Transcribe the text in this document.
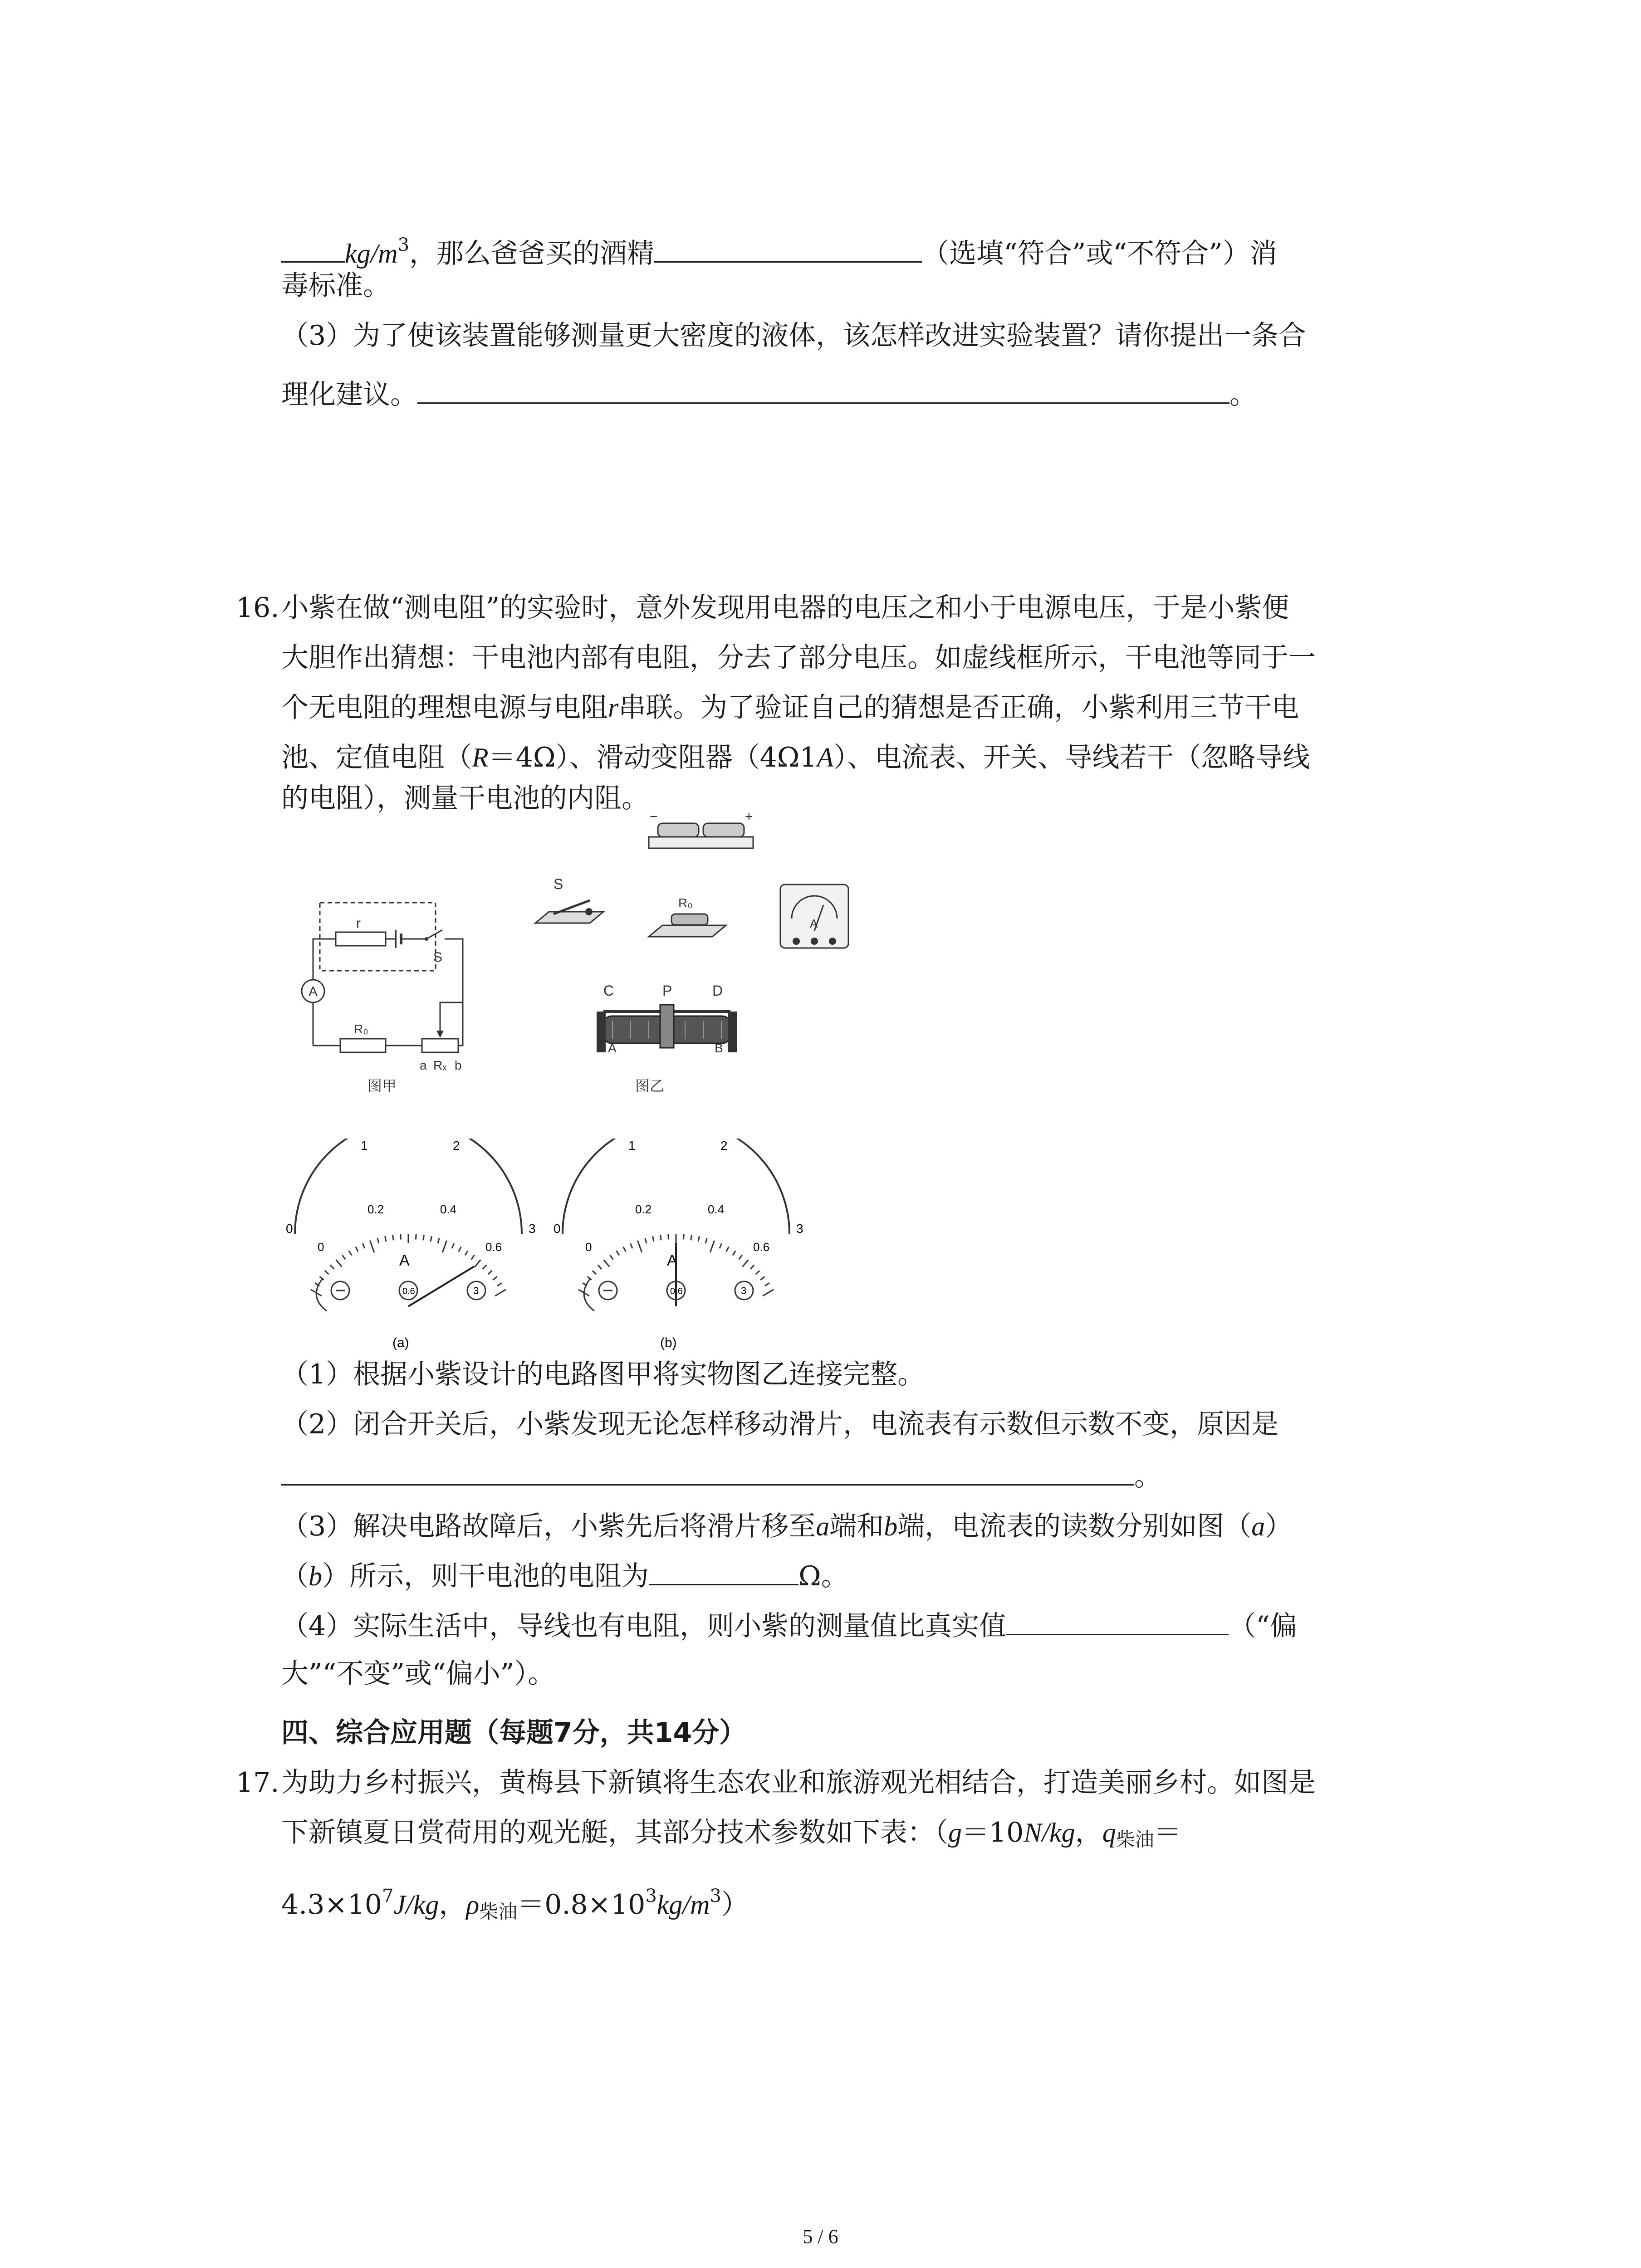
$kg/m^3$，那么爸爸买的酒精	（选填“符合”或“不符合”）消
毒标准。
（3）为了使该装置能够测量更大密度的液体，该怎样改进实验装置？请你提出一条合
理化建议。	。
16. 小紫在做“测电阻”的实验时，意外发现用电器的电压之和小于电源电压，于是小紫便
大胆作出猜想：干电池内部有电阻，分去了部分电压。如虚线框所示，干电池等同于一
个无电阻的理想电源与电阻r串联。为了验证自己的猜想是否正确，小紫利用三节干电
池、定值电阻（R＝4Ω）、滑动变阻器（4Ω1A）、电流表、开关、导线若干（忽略导线
的电阻），测量干电池的内阻。
r
S
A
R₀
a Rₓ b
图甲
−	+
S
R₀
A
C	P	D
A	B
图乙
0
1	2
3
0
0.2	0.4
0.6
A
0.6	3
(a)
0
1	2
3
0
0.2	0.4
0.6
A
0.6	3
(b)
（1）根据小紫设计的电路图甲将实物图乙连接完整。
（2）闭合开关后，小紫发现无论怎样移动滑片，电流表有示数但示数不变，原因是
。
（3）解决电路故障后，小紫先后将滑片移至a端和b端，电流表的读数分别如图（a）
（b）所示，则干电池的电阻为	Ω。
（4）实际生活中，导线也有电阻，则小紫的测量值比真实值	（“偏
大”“不变”或“偏小”）。
四、综合应用题（每题7分，共14分）
17. 为助力乡村振兴，黄梅县下新镇将生态农业和旅游观光相结合，打造美丽乡村。如图是
下新镇夏日赏荷用的观光艇，其部分技术参数如下表：（g＝10N/kg，$q_{柴油}=$
$4.3\times 10^7J/kg$，$\rho_{柴油}=0.8\times 10^3kg/m^3$）
5 / 6
